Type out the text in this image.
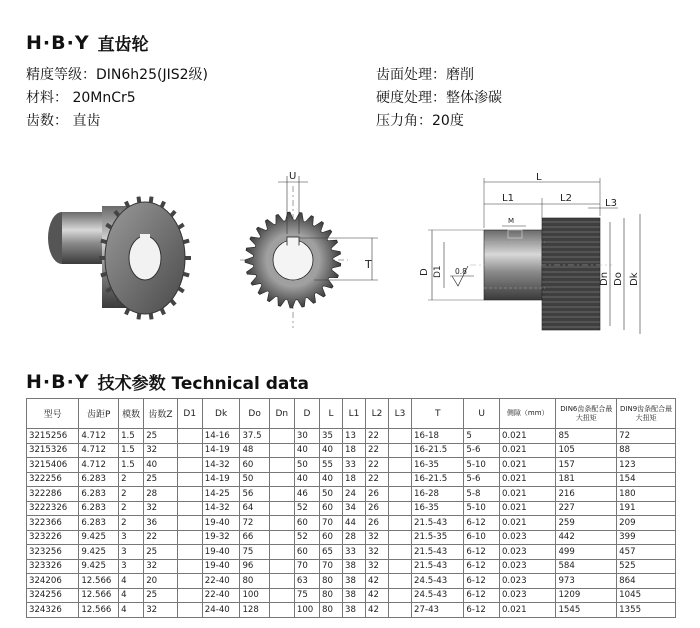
H·B·Y 直齿轮
精度等级：DIN6h25(JIS2级)
材料： 20MnCr5
齿数： 直齿
齿面处理：磨削
硬度处理：整体渗碳
压力角：20度
U
T
L
L1	L2	L3
M
D D1 0.8
Dn Do Dk
H·B·Y 技术参数 Technical data
型号	齿距P	模数	齿数Z	D1	Dk	Do	Dn	D	L	L1	L2	L3	T	U	侧隙（mm）	DIN6齿条配合最大扭矩	DIN9齿条配合最大扭矩
3215256	4.712	1.5	25		14-16	37.5		30	35	13	22		16-18	5	0.021	85	72
3215326	4.712	1.5	32		14-19	48		40	40	18	22		16-21.5	5-6	0.021	105	88
3215406	4.712	1.5	40		14-32	60		50	55	33	22		16-35	5-10	0.021	157	123
322256	6.283	2	25		14-19	50		40	40	18	22		16-21.5	5-6	0.021	181	154
322286	6.283	2	28		14-25	56		46	50	24	26		16-28	5-8	0.021	216	180
3222326	6.283	2	32		14-32	64		52	60	34	26		16-35	5-10	0.021	227	191
322366	6.283	2	36		19-40	72		60	70	44	26		21.5-43	6-12	0.021	259	209
323226	9.425	3	22		19-32	66		52	60	28	32		21.5-35	6-10	0.023	442	399
323256	9.425	3	25		19-40	75		60	65	33	32		21.5-43	6-12	0.023	499	457
323326	9.425	3	32		19-40	96		70	70	38	32		21.5-43	6-12	0.023	584	525
324206	12.566	4	20		22-40	80		63	80	38	42		24.5-43	6-12	0.023	973	864
324256	12.566	4	25		22-40	100		75	80	38	42		24.5-43	6-12	0.023	1209	1045
324326	12.566	4	32		24-40	128		100	80	38	42		27-43	6-12	0.021	1545	1355
